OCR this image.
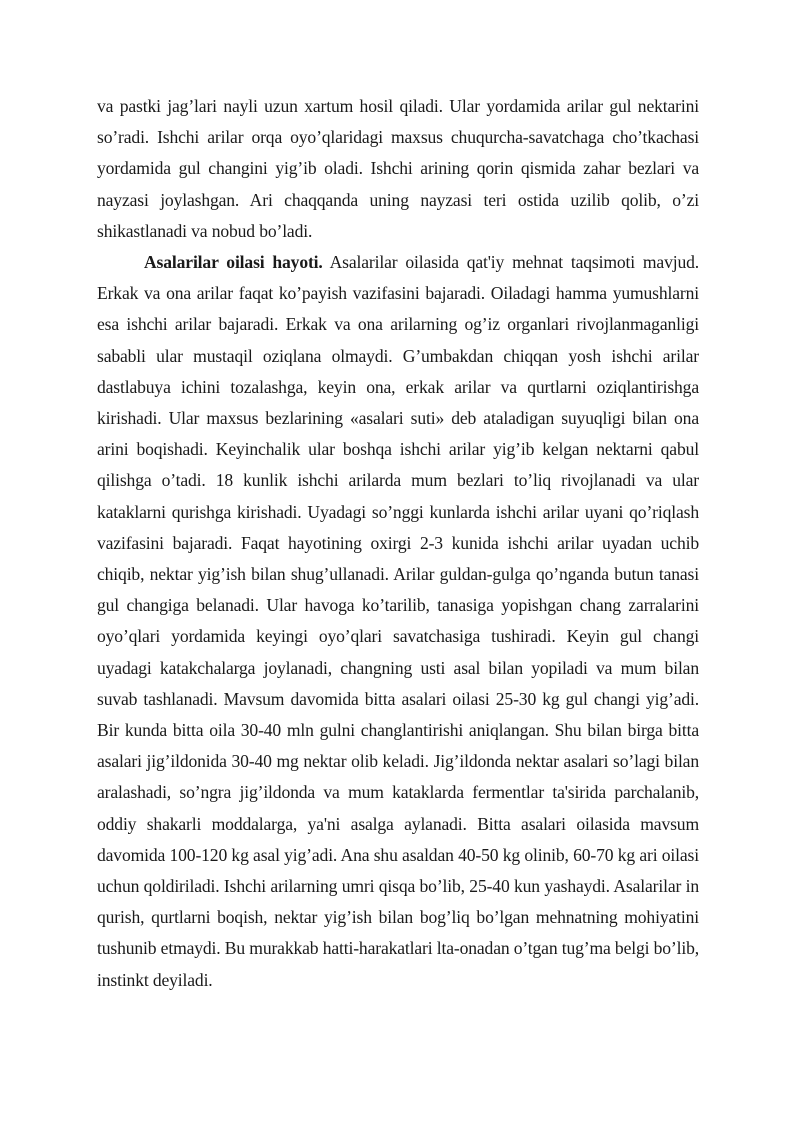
va pastki jag’lari nayli uzun xartum hosil qiladi. Ular yordamida arilar gul nektarini so’radi. Ishchi arilar orqa oyo’qlaridagi maxsus chuqurcha-savatchaga cho’tkachasi yordamida gul changini yig’ib oladi. Ishchi arining qorin qismida zahar bezlari va nayzasi joylashgan. Ari chaqqanda uning nayzasi teri ostida uzilib qolib, o’zi shikastlanadi va nobud bo’ladi.

Asalarilar oilasi hayoti. Asalarilar oilasida qat'iy mehnat taqsimoti mavjud. Erkak va ona arilar faqat ko’payish vazifasini bajaradi. Oiladagi hamma yumushlarni esa ishchi arilar bajaradi. Erkak va ona arilarning og’iz organlari rivojlanmaganligi sababli ular mustaqil oziqlana olmaydi. G’umbakdan chiqqan yosh ishchi arilar dastlabuya ichini tozalashga, keyin ona, erkak arilar va qurtlarni oziqlantirishga kirishadi. Ular maxsus bezlarining «asalari suti» deb ataladigan suyuqligi bilan ona arini boqishadi. Keyinchalik ular boshqa ishchi arilar yig’ib kelgan nektarni qabul qilishga o’tadi. 18 kunlik ishchi arilarda mum bezlari to’liq rivojlanadi va ular kataklarni qurishga kirishadi. Uyadagi so’nggi kunlarda ishchi arilar uyani qo’riqlash vazifasini bajaradi. Faqat hayotining oxirgi 2-3 kunida ishchi arilar uyadan uchib chiqib, nektar yig’ish bilan shug’ullanadi. Arilar guldan-gulga qo’nganda butun tanasi gul changiga belanadi. Ular havoga ko’tarilib, tanasiga yopishgan chang zarralarini oyo’qlari yordamida keyingi oyo’qlari savatchasiga tushiradi. Keyin gul changi uyadagi katakchalarga joylanadi, changning usti asal bilan yopiladi va mum bilan suvab tashlanadi. Mavsum davomida bitta asalari oilasi 25-30 kg gul changi yig’adi. Bir kunda bitta oila 30-40 mln gulni changlantirishi aniqlangan. Shu bilan birga bitta asalari jig’ildonida 30-40 mg nektar olib keladi. Jig’ildonda nektar asalari so’lagi bilan aralashadi, so’ngra jig’ildonda va mum kataklarda fermentlar ta'sirida parchalanib, oddiy shakarli moddalarga, ya'ni asalga aylanadi. Bitta asalari oilasida mavsum davomida 100-120 kg asal yig’adi. Ana shu asaldan 40-50 kg olinib, 60-70 kg ari oilasi uchun qoldiriladi. Ishchi arilarning umri qisqa bo’lib, 25-40 kun yashaydi. Asalarilar in qurish, qurtlarni boqish, nektar yig’ish bilan bog’liq bo’lgan mehnatning mohiyatini tushunib etmaydi. Bu murakkab hatti-harakatlari lta-onadan o’tgan tug’ma belgi bo’lib, instinkt deyiladi.
